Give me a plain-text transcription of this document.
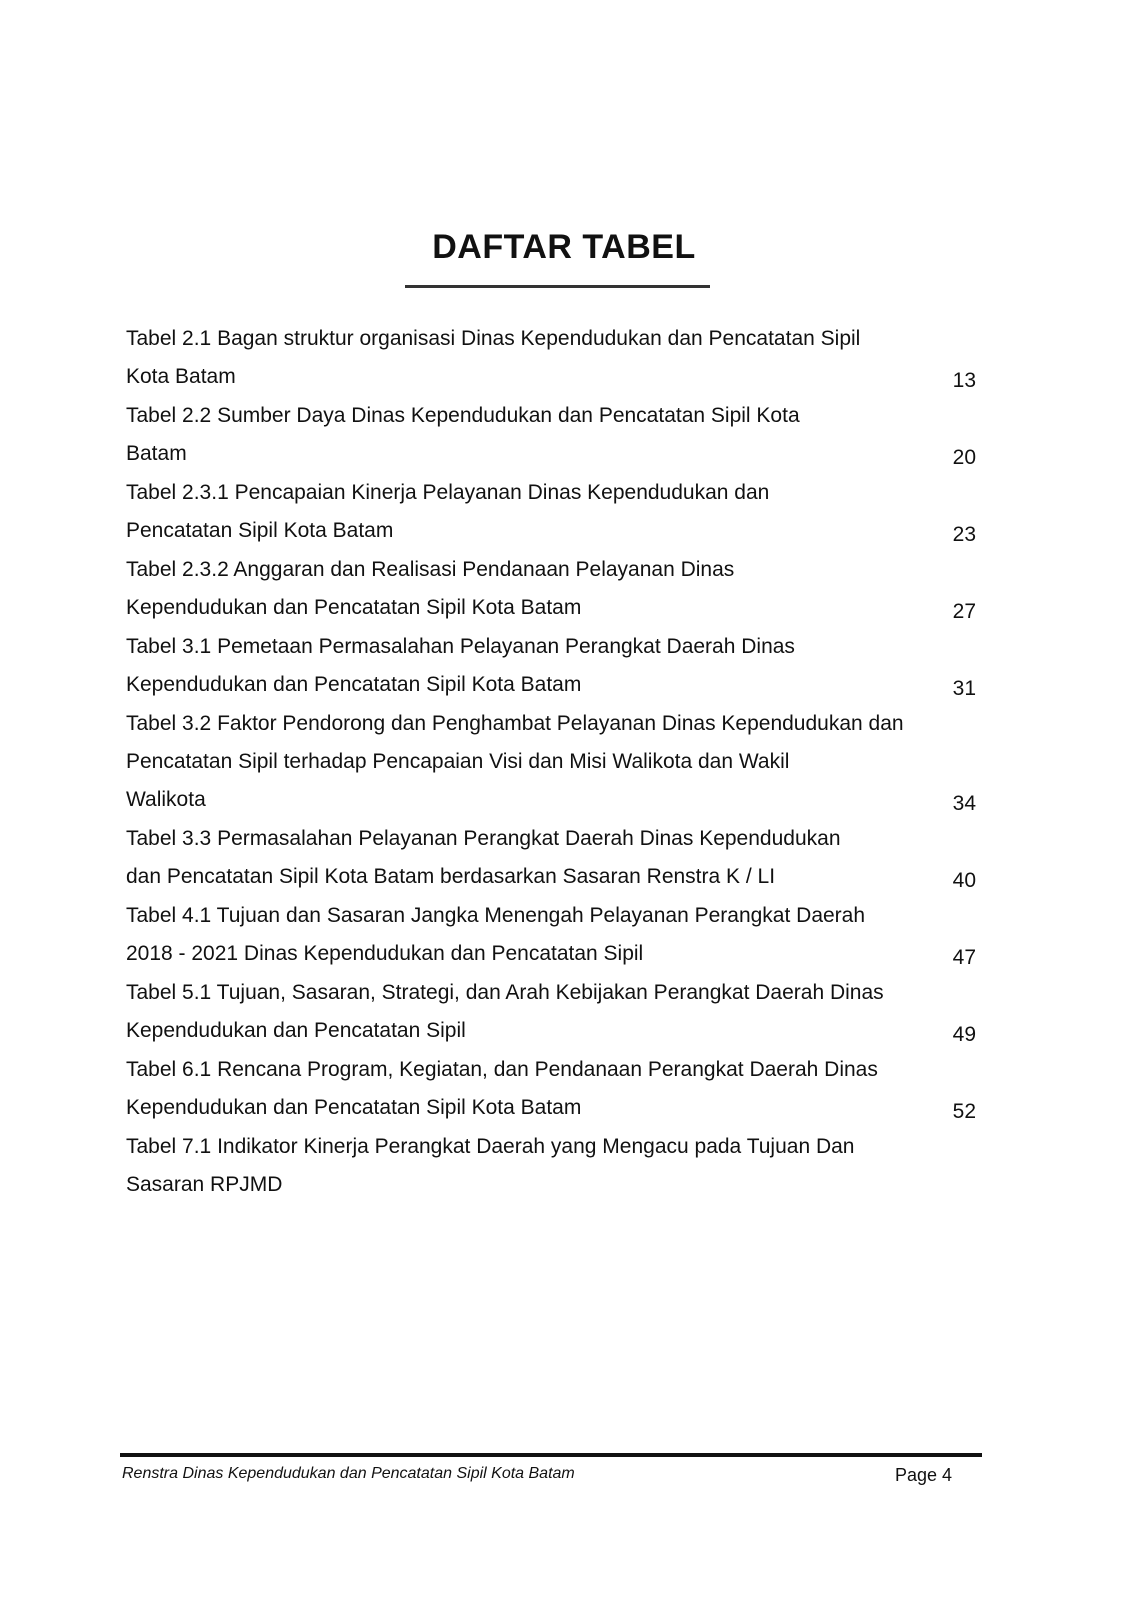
DAFTAR TABEL
Tabel 2.1 Bagan struktur organisasi Dinas Kependudukan dan Pencatatan Sipil
Kota Batam	13
Tabel 2.2 Sumber Daya Dinas Kependudukan dan Pencatatan Sipil Kota
Batam	20
Tabel 2.3.1 Pencapaian Kinerja Pelayanan Dinas Kependudukan dan
Pencatatan Sipil Kota Batam	23
Tabel 2.3.2 Anggaran dan Realisasi Pendanaan Pelayanan Dinas
Kependudukan dan Pencatatan Sipil Kota Batam	27
Tabel 3.1 Pemetaan Permasalahan Pelayanan Perangkat Daerah Dinas
Kependudukan dan Pencatatan Sipil Kota Batam	31
Tabel 3.2 Faktor Pendorong dan Penghambat Pelayanan Dinas Kependudukan dan
Pencatatan Sipil terhadap Pencapaian Visi dan Misi Walikota dan Wakil
Walikota	34
Tabel 3.3 Permasalahan Pelayanan Perangkat Daerah Dinas Kependudukan
dan Pencatatan Sipil Kota Batam berdasarkan Sasaran Renstra K / LI	40
Tabel 4.1 Tujuan dan Sasaran Jangka Menengah Pelayanan Perangkat Daerah
2018 - 2021 Dinas Kependudukan dan Pencatatan Sipil	47
Tabel 5.1 Tujuan, Sasaran, Strategi, dan Arah Kebijakan Perangkat Daerah Dinas
Kependudukan dan Pencatatan Sipil	49
Tabel 6.1 Rencana Program, Kegiatan, dan Pendanaan Perangkat Daerah Dinas
Kependudukan dan Pencatatan Sipil Kota Batam	52
Tabel 7.1 Indikator Kinerja Perangkat Daerah yang Mengacu pada Tujuan Dan
Sasaran RPJMD
Renstra Dinas Kependudukan dan Pencatatan Sipil Kota Batam	Page 4
